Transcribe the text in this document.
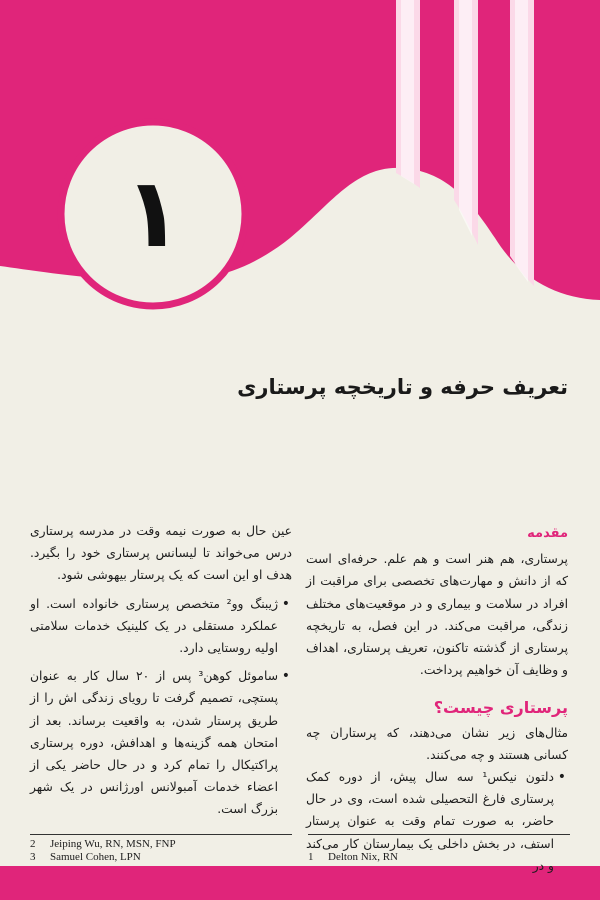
١
تعریف حرفه و تاریخچه پرستاری
مقدمه

پرستاری، هم هنر است و هم علم. حرفه‌ای است که از دانش و مهارت‌های تخصصی برای مراقبت از افراد در سلامت و بیماری و در موقعیت‌های مختلف زندگی، مراقبت می‌کند. در این فصل، به تاریخچه پرستاری از گذشته تاکنون، تعریف پرستاری، اهداف و وظایف آن خواهیم پرداخت.

پرستاری چیست؟

مثال‌های زیر نشان می‌دهند، که پرستاران چه کسانی هستند و چه می‌کنند.

• دلتون نیکس¹ سه سال پیش، از دوره کمک پرستاری فارغ التحصیلی شده است، وی در حال حاضر، به صورت تمام وقت به عنوان پرستار استف، در بخش داخلی یک بیمارستان کار می‌کند و در

عین حال به صورت نیمه وقت در مدرسه پرستاری درس می‌خواند تا لیسانس پرستاری خود را بگیرد. هدف او این است که یک پرستار بیهوشی شود.

• ژیبنگ وو² متخصص پرستاری خانواده است. او عملکرد مستقلی در یک کلینیک خدمات سلامتی اولیه روستایی دارد.
• ساموئل کوهن³ پس از ۲۰ سال کار به عنوان پستچی، تصمیم گرفت تا رویای زندگی اش را از طریق پرستار شدن، به واقعیت برساند. بعد از امتحان همه گزینه‌ها و اهدافش، دوره پرستاری پراکتیکال را تمام کرد و در حال حاضر یکی از اعضاء خدمات آمبولانس اورژانس در یک شهر بزرگ است.
2 Jeiping Wu, RN, MSN, FNP
3 Samuel Cohen, LPN	1 Delton Nix, RN
